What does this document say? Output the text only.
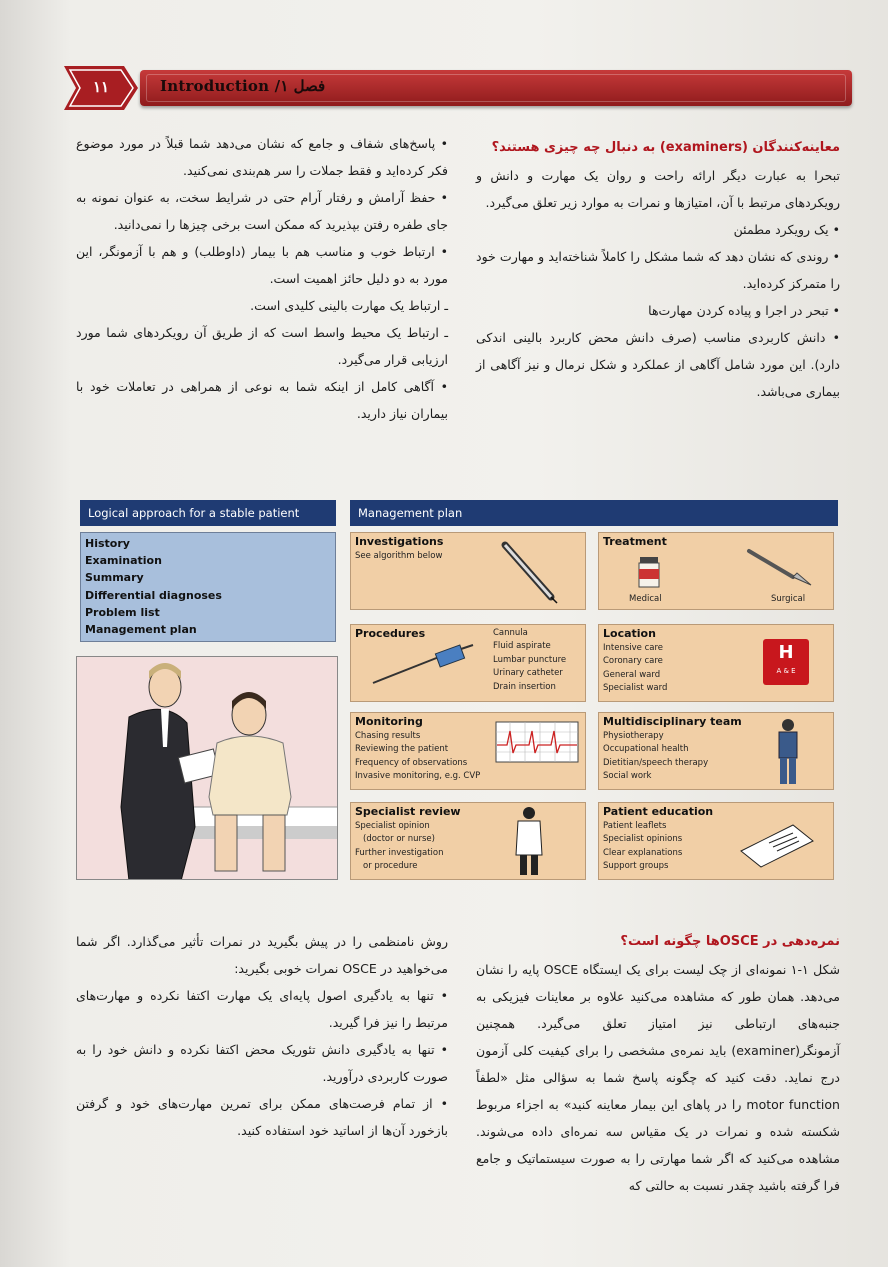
۱۱	Introduction /فصل ۱
معاینه‌کنندگان (examiners) به دنبال چه چیزی هستند؟

تبحرا به عبارت دیگر ارائه راحت و روان یک مهارت و دانش و رویکردهای مرتبط با آن، امتیازها و نمرات به موارد زیر تعلق می‌گیرد.

• یک رویکرد مطمئن

• روندی که نشان دهد که شما مشکل را کاملاً شناخته‌اید و مهارت خود را متمرکز کرده‌اید.

• تبحر در اجرا و پیاده کردن مهارت‌ها

• دانش کاربردی مناسب (صرف دانش محض کاربرد بالینی اندکی دارد). این مورد شامل آگاهی از عملکرد و شکل نرمال و نیز آگاهی از بیماری می‌باشد.

• پاسخ‌های شفاف و جامع که نشان می‌دهد شما قبلاً در مورد موضوع فکر کرده‌اید و فقط جملات را سر هم‌بندی نمی‌کنید.

• حفظ آرامش و رفتار آرام حتی در شرایط سخت، به عنوان نمونه به جای طفره رفتن بپذیرید که ممکن است برخی چیزها را نمی‌دانید.

• ارتباط خوب و مناسب هم با بیمار (داوطلب) و هم با آزمونگر، این مورد به دو دلیل حائز اهمیت است.

ـ ارتباط یک مهارت بالینی کلیدی است.

ـ ارتباط یک محیط واسط است که از طریق آن رویکردهای شما مورد ارزیابی قرار می‌گیرد.

• آگاهی کامل از اینکه شما به نوعی از همراهی در تعاملات خود با بیماران نیاز دارید.

Logical approach for a stable patient
History
Examination
Summary
Differential diagnoses
Problem list
Management plan
Management plan
Investigations
See algorithm below
Treatment
Medical	Surgical
Procedures	Cannula
Fluid aspirate
Lumbar puncture
Urinary catheter
Drain insertion
Location
Intensive care
Coronary care
General ward
Specialist ward
H
A & E
Monitoring
Chasing results
Reviewing the patient
Frequency of observations
Invasive monitoring, e.g. CVP
Multidisciplinary team
Physiotherapy
Occupational health
Dietitian/speech therapy
Social work
Specialist review
Specialist opinion
(doctor or nurse)
Further investigation
or procedure
Patient education
Patient leaflets
Specialist opinions
Clear explanations
Support groups
نمره‌دهی در OSCEها چگونه است؟

شکل ۱-۱ نمونه‌ای از چک لیست برای یک ایستگاه OSCE پایه را نشان می‌دهد. همان طور که مشاهده می‌کنید علاوه بر معاینات فیزیکی به جنبه‌های ارتباطی نیز امتیاز تعلق می‌گیرد. همچنین آزمونگر(examiner) باید نمره‌ی مشخصی را برای کیفیت کلی آزمون درج نماید. دقت کنید که چگونه پاسخ شما به سؤالی مثل «لطفاً motor function را در پاهای این بیمار معاینه کنید» به اجزاء مربوط شکسته شده و نمرات در یک مقیاس سه نمره‌ای داده می‌شوند. مشاهده می‌کنید که اگر شما مهارتی را به صورت سیستماتیک و جامع فرا گرفته باشید چقدر نسبت به حالتی که

روش نامنظمی را در پیش بگیرید در نمرات تأثیر می‌گذارد. اگر شما می‌خواهید در OSCE نمرات خوبی بگیرید:

• تنها به یادگیری اصول پایه‌ای یک مهارت اکتفا نکرده و مهارت‌های مرتبط را نیز فرا گیرید.

• تنها به یادگیری دانش تئوریک محض اکتفا نکرده و دانش خود را به صورت کاربردی درآورید.

• از تمام فرصت‌های ممکن برای تمرین مهارت‌های خود و گرفتن بازخورد آن‌ها از اساتید خود استفاده کنید.
